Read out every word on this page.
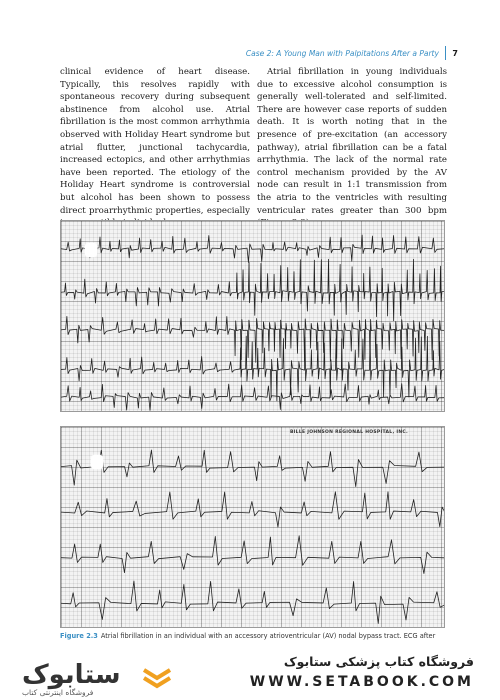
Case 2: A Young Man with Palpitations After a Party 7
clinical evidence of heart disease. Typically, this resolves rapidly with spontaneous recovery during subsequent abstinence from alcohol use. Atrial fibrillation is the most common arrhythmia observed with Holiday Heart syndrome but atrial flutter, junctional tachycardia, increased ectopics, and other arrhythmias have been reported. The etiology of the Holiday Heart syndrome is controversial but alcohol has been shown to possess direct proarrhythmic properties, especially
Atrial fibrillation in young individuals due to excessive alcohol consumption is generally well-tolerated and self-limited. There are however case reports of sudden death. It is worth noting that in the presence of pre-excitation (an accessory pathway), atrial fibrillation can be a fatal arrhythmia. The lack of the normal rate control mechanism provided by the AV node can result in 1:1 transmission from the atria to the ventricles with resulting ventricular rates greater than 300 bpm
BILLE JOHNSON REGIONAL HOSPITAL, INC.
Figure 2.3 Atrial fibrillation in an individual with an accessory atrioventricular (AV) nodal bypass tract. ECG after
ستابوک
فروشگاه اینترنتی کتاب
فروشگاه کتاب پزشکی ستابوک
WWW.SETABOOK.COM
